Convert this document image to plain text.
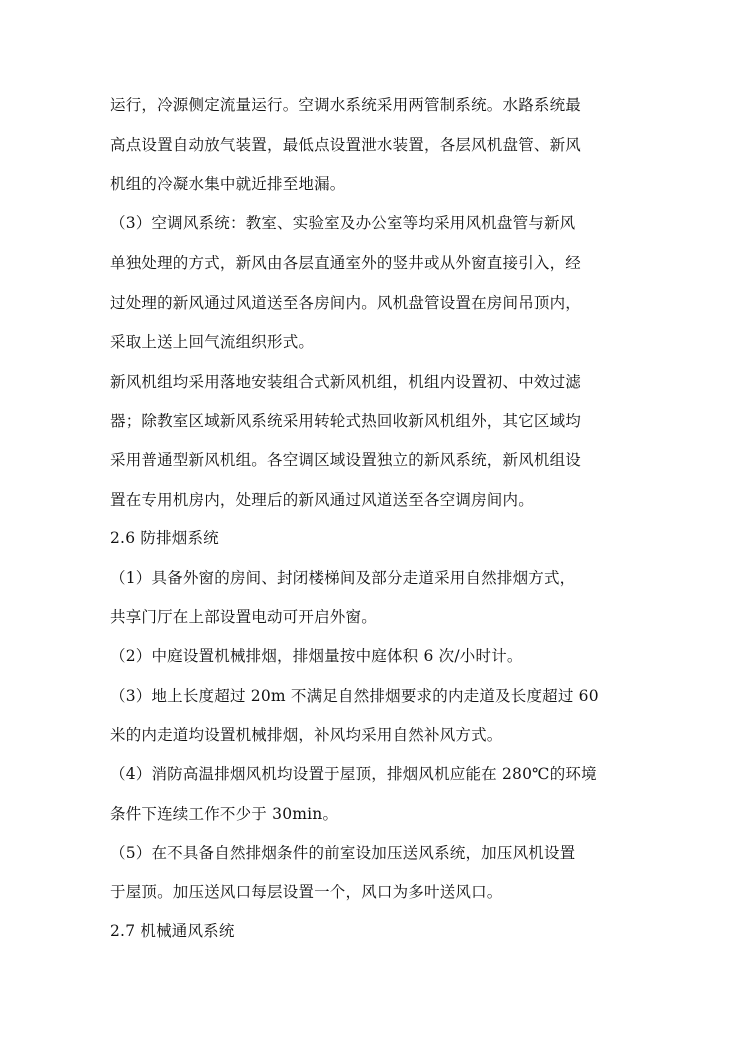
运行，冷源侧定流量运行。空调水系统采用两管制系统。水路系统最
高点设置自动放气装置，最低点设置泄水装置，各层风机盘管、新风
机组的冷凝水集中就近排至地漏。
（3）空调风系统：教室、实验室及办公室等均采用风机盘管与新风
单独处理的方式，新风由各层直通室外的竖井或从外窗直接引入，经
过处理的新风通过风道送至各房间内。风机盘管设置在房间吊顶内，
采取上送上回气流组织形式。
新风机组均采用落地安装组合式新风机组，机组内设置初、中效过滤
器；除教室区域新风系统采用转轮式热回收新风机组外，其它区域均
采用普通型新风机组。各空调区域设置独立的新风系统，新风机组设
置在专用机房内，处理后的新风通过风道送至各空调房间内。
2.6 防排烟系统
（1）具备外窗的房间、封闭楼梯间及部分走道采用自然排烟方式，
共享门厅在上部设置电动可开启外窗。
（2）中庭设置机械排烟，排烟量按中庭体积 6 次/小时计。
（3）地上长度超过 20m 不满足自然排烟要求的内走道及长度超过 60
米的内走道均设置机械排烟，补风均采用自然补风方式。
（4）消防高温排烟风机均设置于屋顶，排烟风机应能在 280℃的环境
条件下连续工作不少于 30min。
（5）在不具备自然排烟条件的前室设加压送风系统，加压风机设置
于屋顶。加压送风口每层设置一个，风口为多叶送风口。
2.7 机械通风系统
